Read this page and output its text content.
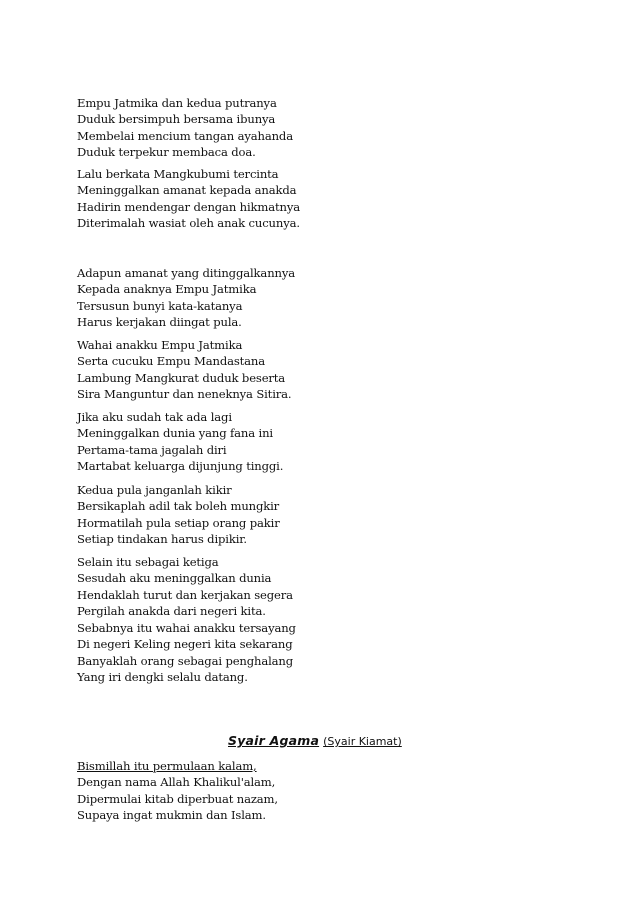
Empu Jatmika dan kedua putranya
Duduk bersimpuh bersama ibunya
Membelai mencium tangan ayahanda
Duduk terpekur membaca doa.
Lalu berkata Mangkubumi tercinta
Meninggalkan amanat kepada anakda
Hadirin mendengar dengan hikmatnya
Diterimalah wasiat oleh anak cucunya.
Adapun amanat yang ditinggalkannya
Kepada anaknya Empu Jatmika
Tersusun bunyi kata-katanya
Harus kerjakan diingat pula.
Wahai anakku Empu Jatmika
Serta cucuku Empu Mandastana
Lambung Mangkurat duduk beserta
Sira Manguntur dan neneknya Sitira.
Jika aku sudah tak ada lagi
Meninggalkan dunia yang fana ini
Pertama-tama jagalah diri
Martabat keluarga dijunjung tinggi.
Kedua pula janganlah kikir
Bersikaplah adil tak boleh mungkir
Hormatilah pula setiap orang pakir
Setiap tindakan harus dipikir.
Selain itu sebagai ketiga
Sesudah aku meninggalkan dunia
Hendaklah turut dan kerjakan segera
Pergilah anakda dari negeri kita.
Sebabnya itu wahai anakku tersayang
Di negeri Keling negeri kita sekarang
Banyaklah orang sebagai penghalang
Yang iri dengki selalu datang.
Syair Agama (Syair Kiamat)
Bismillah itu permulaan kalam,
Dengan nama Allah Khalikul'alam,
Dipermulai kitab diperbuat nazam,
Supaya ingat mukmin dan Islam.
